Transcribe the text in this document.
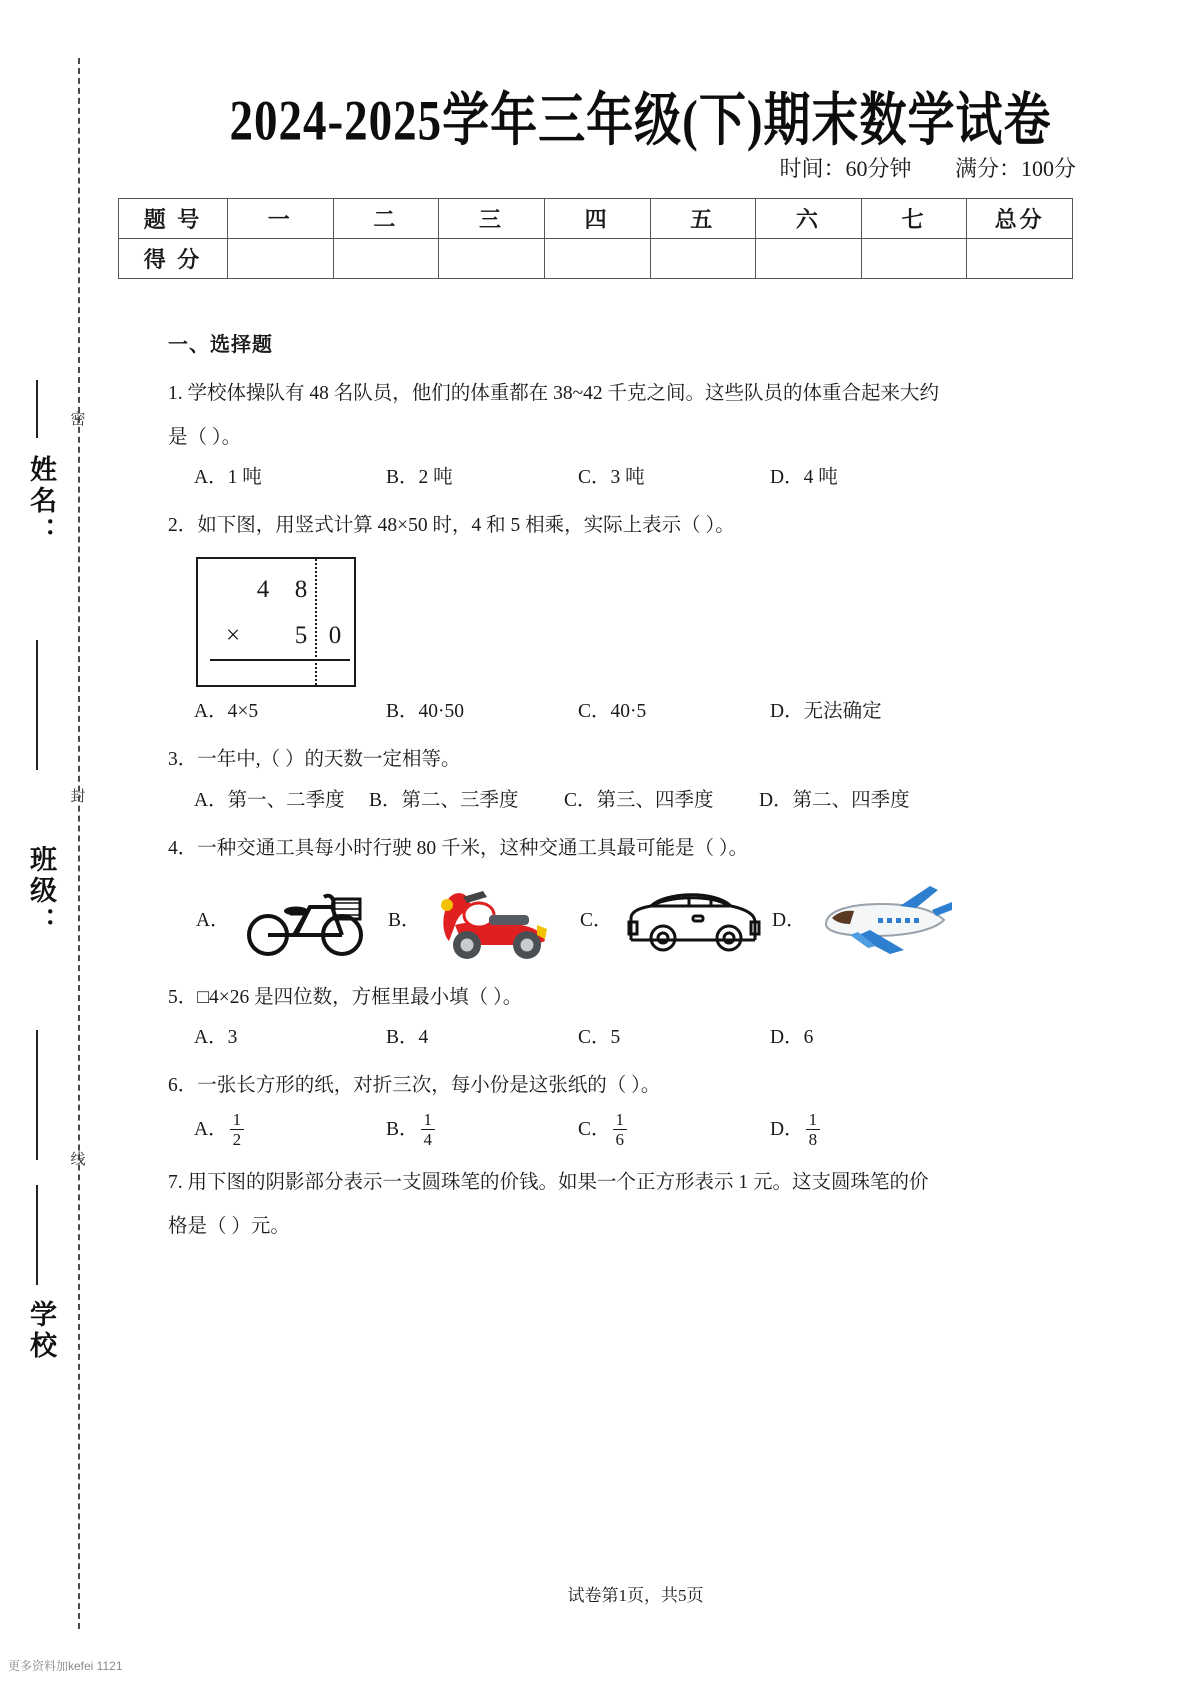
密
封
线
姓名：
班级：
学校
2024-2025学年三年级(下)期末数学试卷
时间：60分钟 满分：100分
题 号	一	二	三	四	五	六	七	总分
得 分								
一、选择题
1. 学校体操队有 48 名队员，他们的体重都在 38~42 千克之间。这些队员的体重合起来大约
是（ ）。
A．1 吨	B．2 吨	C．3 吨	D．4 吨
2．如下图，用竖式计算 48×50 时，4 和 5 相乘，实际上表示（ ）。
4 8
× 5 0
A．4×5	B．40·50	C．40·5	D．无法确定
3．一年中,（ ）的天数一定相等。
A．第一、二季度	B．第二、三季度	C．第三、四季度	D．第二、四季度
4．一种交通工具每小时行驶 80 千米，这种交通工具最可能是（ ）。
A．	B．	C．	D．
5．□4×26 是四位数，方框里最小填（ ）。
A．3	B．4	C．5	D．6
6．一张长方形的纸，对折三次，每小份是这张纸的（ ）。
A． $\frac{1}{2}$	B． $\frac{1}{4}$	C． $\frac{1}{6}$	D． $\frac{1}{8}$
7. 用下图的阴影部分表示一支圆珠笔的价钱。如果一个正方形表示 1 元。这支圆珠笔的价
格是（ ）元。
试卷第1页，共5页
更多资料加kefei 1121
